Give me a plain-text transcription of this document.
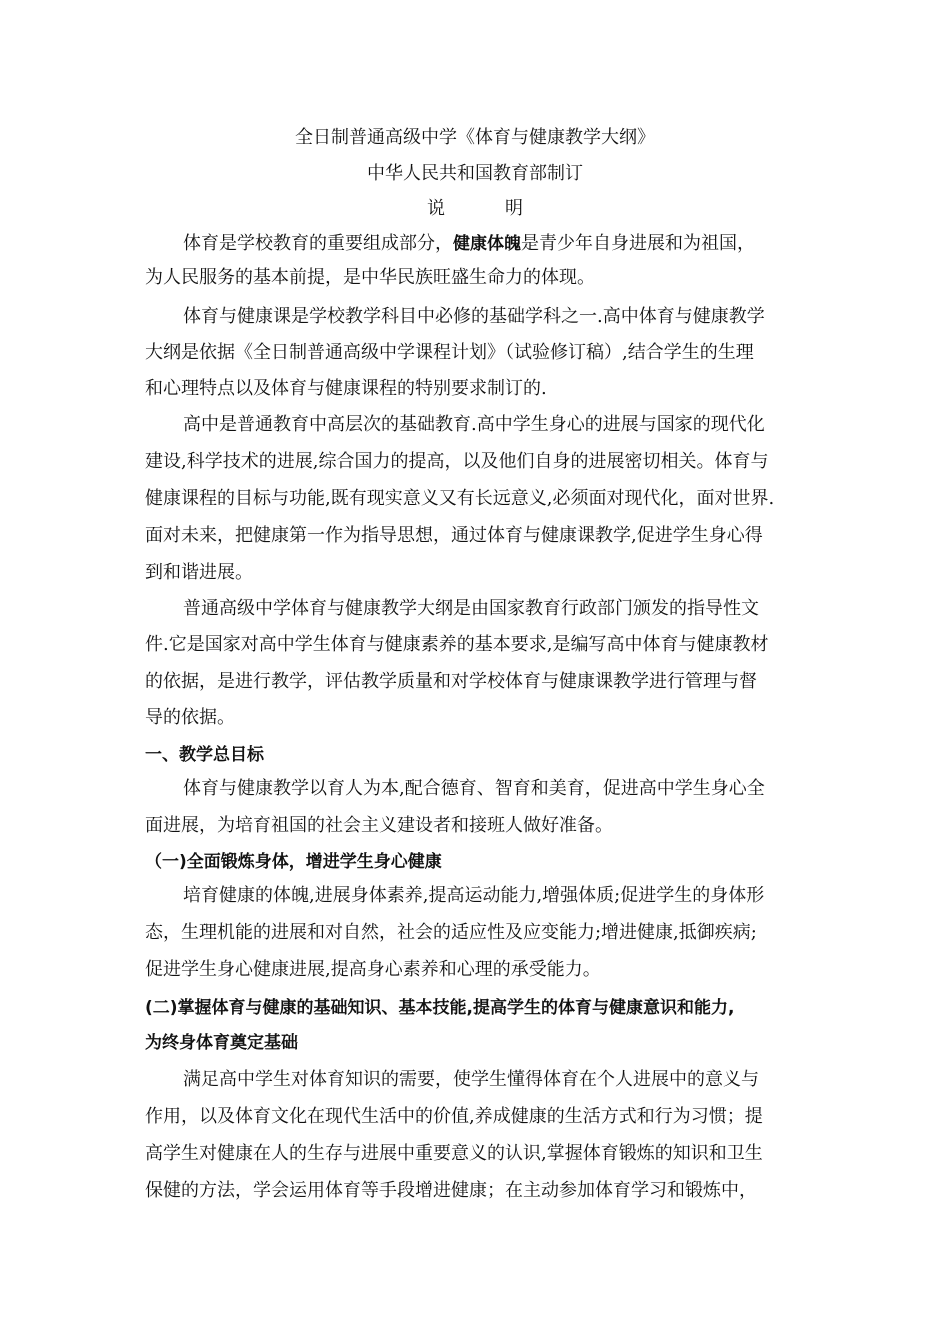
全日制普通高级中学《体育与健康教学大纲》
中华人民共和国教育部制订
说	明
体育是学校教育的重要组成部分，健康体魄是青少年自身进展和为祖国，
为人民服务的基本前提，是中华民族旺盛生命力的体现。
体育与健康课是学校教学科目中必修的基础学科之一.高中体育与健康教学
大纲是依据《全日制普通高级中学课程计划》（试验修订稿）,结合学生的生理
和心理特点以及体育与健康课程的特别要求制订的.
高中是普通教育中高层次的基础教育.高中学生身心的进展与国家的现代化
建设,科学技术的进展,综合国力的提高，以及他们自身的进展密切相关。体育与
健康课程的目标与功能,既有现实意义又有长远意义,必须面对现代化，面对世界.
面对未来，把健康第一作为指导思想，通过体育与健康课教学,促进学生身心得
到和谐进展。
普通高级中学体育与健康教学大纲是由国家教育行政部门颁发的指导性文
件.它是国家对高中学生体育与健康素养的基本要求,是编写高中体育与健康教材
的依据，是进行教学，评估教学质量和对学校体育与健康课教学进行管理与督
导的依据。
一、教学总目标
体育与健康教学以育人为本,配合德育、智育和美育，促进高中学生身心全
面进展，为培育祖国的社会主义建设者和接班人做好准备。
（一)全面锻炼身体，增进学生身心健康
培育健康的体魄,进展身体素养,提高运动能力,增强体质;促进学生的身体形
态，生理机能的进展和对自然，社会的适应性及应变能力;增进健康,抵御疾病;
促进学生身心健康进展,提高身心素养和心理的承受能力。
(二)掌握体育与健康的基础知识、基本技能,提高学生的体育与健康意识和能力,
为终身体育奠定基础
满足高中学生对体育知识的需要，使学生懂得体育在个人进展中的意义与
作用，以及体育文化在现代生活中的价值,养成健康的生活方式和行为习惯；提
高学生对健康在人的生存与进展中重要意义的认识,掌握体育锻炼的知识和卫生
保健的方法，学会运用体育等手段增进健康；在主动参加体育学习和锻炼中，
